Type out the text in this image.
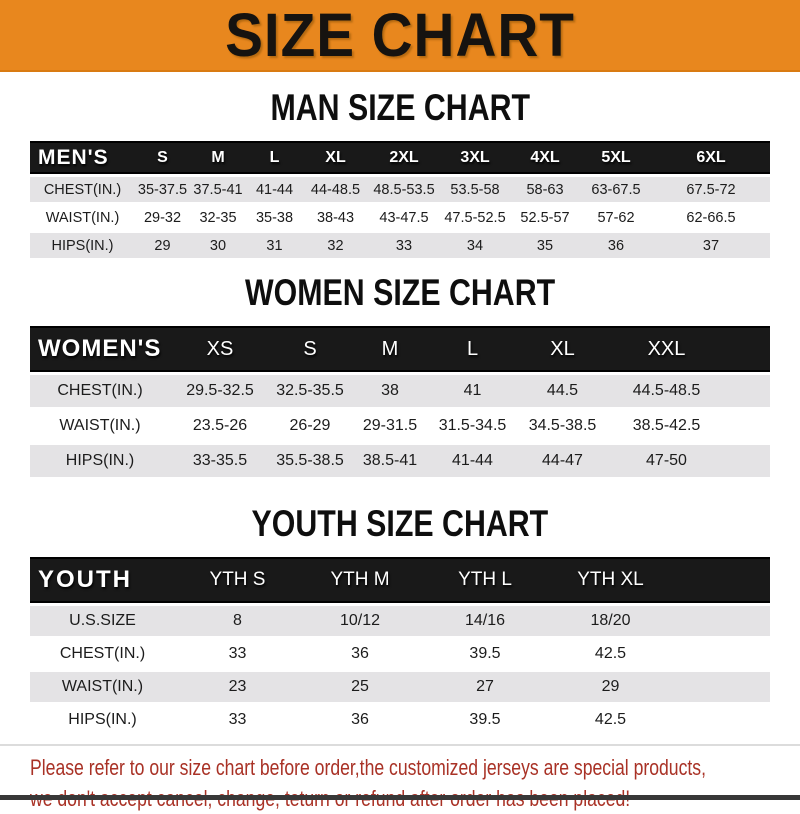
SIZE CHART
MAN SIZE CHART
MEN'S	S	M	L	XL	2XL	3XL	4XL	5XL	6XL
CHEST(IN.)	35-37.5	37.5-41	41-44	44-48.5	48.5-53.5	53.5-58	58-63	63-67.5	67.5-72
WAIST(IN.)	29-32	32-35	35-38	38-43	43-47.5	47.5-52.5	52.5-57	57-62	62-66.5
HIPS(IN.)	29	30	31	32	33	34	35	36	37
WOMEN SIZE CHART
WOMEN'S	XS	S	M	L	XL	XXL
CHEST(IN.)	29.5-32.5	32.5-35.5	38	41	44.5	44.5-48.5
WAIST(IN.)	23.5-26	26-29	29-31.5	31.5-34.5	34.5-38.5	38.5-42.5
HIPS(IN.)	33-35.5	35.5-38.5	38.5-41	41-44	44-47	47-50
YOUTH SIZE CHART
YOUTH	YTH S	YTH M	YTH L	YTH XL
U.S.SIZE	8	10/12	14/16	18/20
CHEST(IN.)	33	36	39.5	42.5
WAIST(IN.)	23	25	27	29
HIPS(IN.)	33	36	39.5	42.5
Please refer to our size chart before order,the customized jerseys are special products,
